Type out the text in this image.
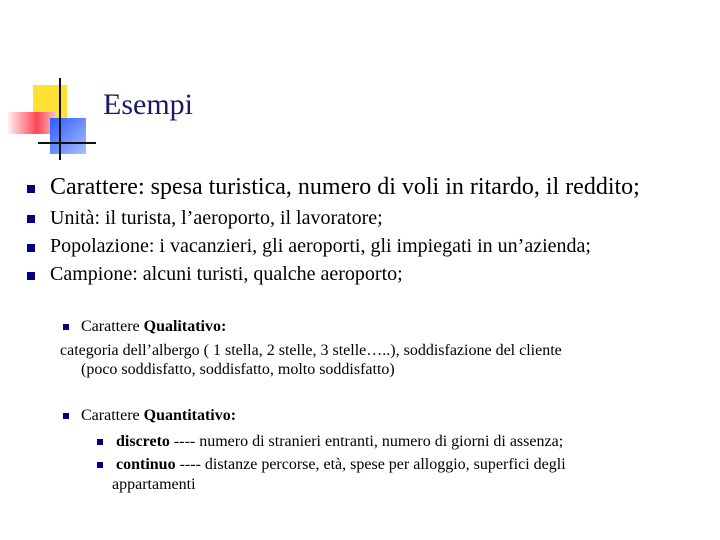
Esempi
Carattere: spesa turistica, numero di voli in ritardo, il reddito;
Unità: il turista, l’aeroporto, il lavoratore;
Popolazione: i vacanzieri, gli aeroporti, gli impiegati in un’azienda;
Campione: alcuni turisti, qualche aeroporto;
Carattere Qualitativo:
categoria dell’albergo ( 1 stella, 2 stelle, 3 stelle…..), soddisfazione del cliente
(poco soddisfatto, soddisfatto, molto soddisfatto)
Carattere Quantitativo:
discreto ---- numero di stranieri entranti, numero di giorni di assenza;
continuo ---- distanze percorse, età, spese per alloggio, superfici degli
appartamenti
